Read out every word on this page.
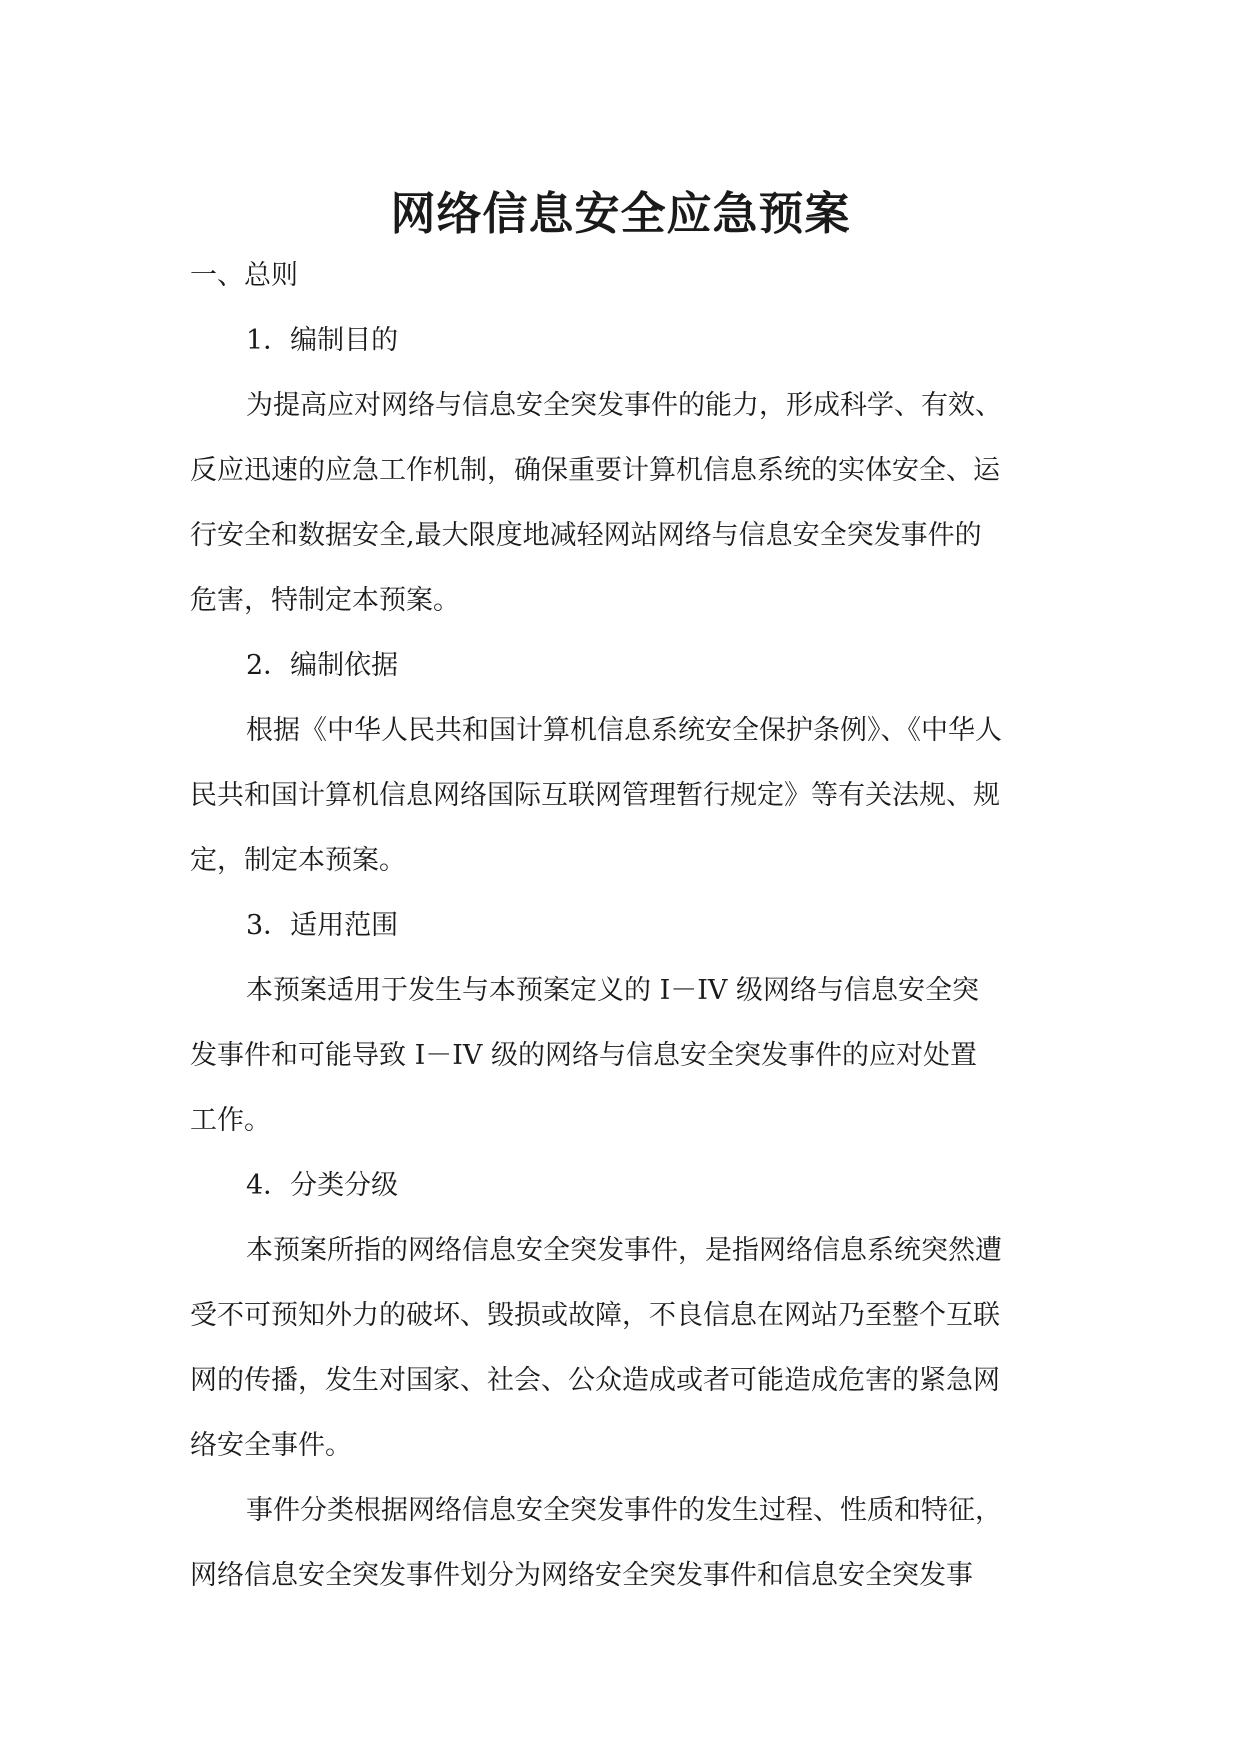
网络信息安全应急预案
一、总则
1．编制目的
为提高应对网络与信息安全突发事件的能力，形成科学、有效、
反应迅速的应急工作机制，确保重要计算机信息系统的实体安全、运
行安全和数据安全,最大限度地减轻网站网络与信息安全突发事件的
危害，特制定本预案。
2．编制依据
根据《中华人民共和国计算机信息系统安全保护条例》、《中华人
民共和国计算机信息网络国际互联网管理暂行规定》等有关法规、规
定，制定本预案。
3．适用范围
本预案适用于发生与本预案定义的 I－IV 级网络与信息安全突
发事件和可能导致 I－IV 级的网络与信息安全突发事件的应对处置
工作。
4．分类分级
本预案所指的网络信息安全突发事件，是指网络信息系统突然遭
受不可预知外力的破坏、毁损或故障，不良信息在网站乃至整个互联
网的传播，发生对国家、社会、公众造成或者可能造成危害的紧急网
络安全事件。
事件分类根据网络信息安全突发事件的发生过程、性质和特征，
网络信息安全突发事件划分为网络安全突发事件和信息安全突发事
